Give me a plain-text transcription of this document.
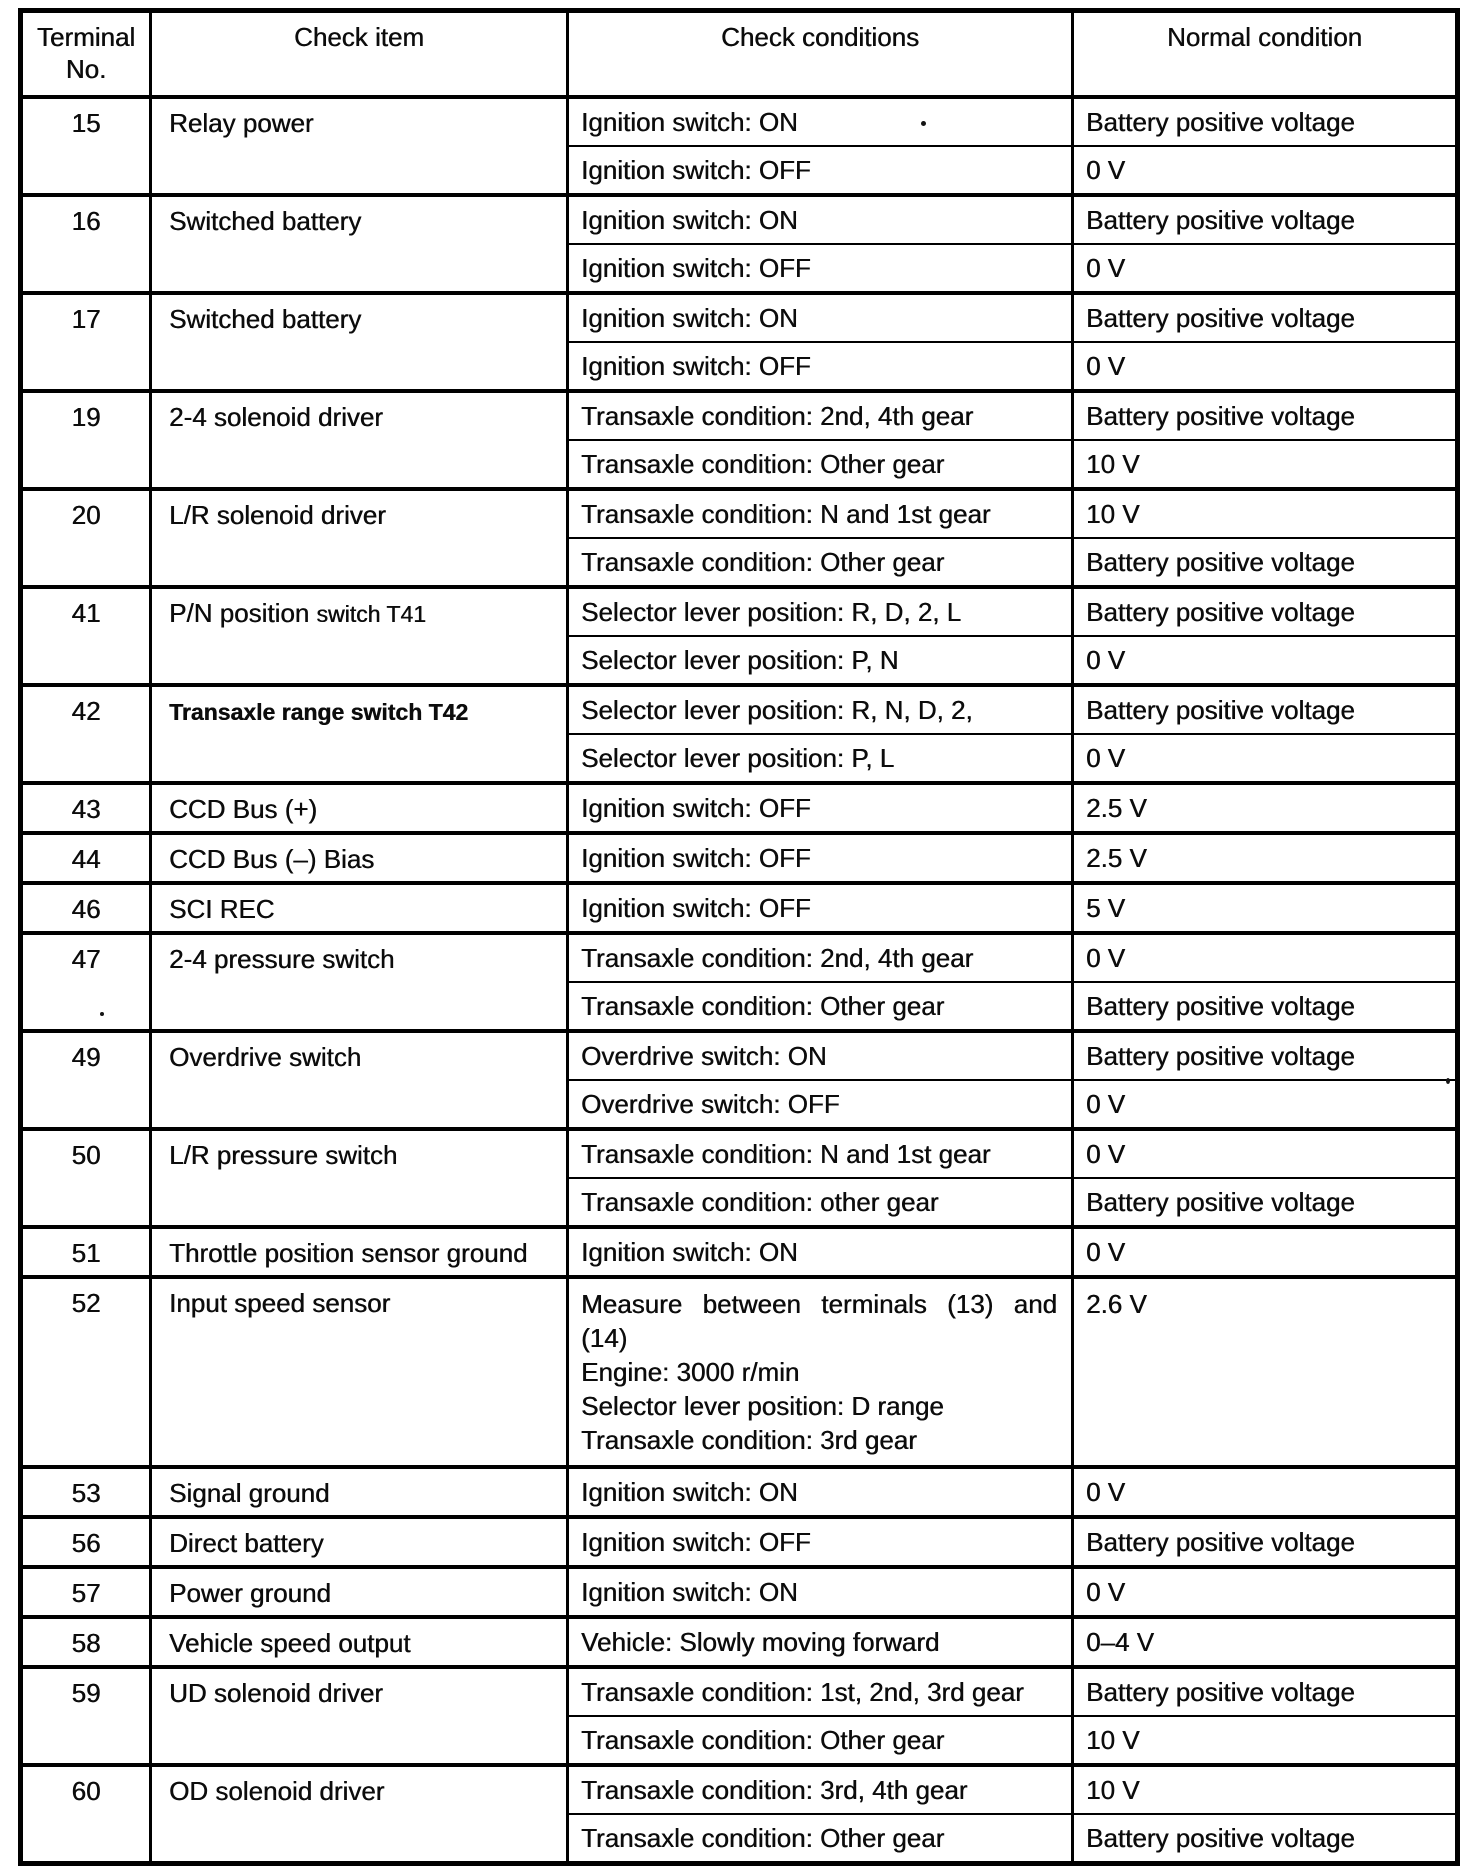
Terminal No.	Check item	Check conditions	Normal condition
15	Relay power	Ignition switch: ON	Battery positive voltage
		Ignition switch: OFF	0 V
16	Switched battery	Ignition switch: ON	Battery positive voltage
		Ignition switch: OFF	0 V
17	Switched battery	Ignition switch: ON	Battery positive voltage
		Ignition switch: OFF	0 V
19	2-4 solenoid driver	Transaxle condition: 2nd, 4th gear	Battery positive voltage
		Transaxle condition: Other gear	10 V
20	L/R solenoid driver	Transaxle condition: N and 1st gear	10 V
		Transaxle condition: Other gear	Battery positive voltage
41	P/N position switch T41	Selector lever position: R, D, 2, L	Battery positive voltage
		Selector lever position: P, N	0 V
42	Transaxle range switch T42	Selector lever position: R, N, D, 2,	Battery positive voltage
		Selector lever position: P, L	0 V
43	CCD Bus (+)	Ignition switch: OFF	2.5 V
44	CCD Bus (–) Bias	Ignition switch: OFF	2.5 V
46	SCI REC	Ignition switch: OFF	5 V
47	2-4 pressure switch	Transaxle condition: 2nd, 4th gear	0 V
		Transaxle condition: Other gear	Battery positive voltage
49	Overdrive switch	Overdrive switch: ON	Battery positive voltage
		Overdrive switch: OFF	0 V
50	L/R pressure switch	Transaxle condition: N and 1st gear	0 V
		Transaxle condition: other gear	Battery positive voltage
51	Throttle position sensor ground	Ignition switch: ON	0 V
52	Input speed sensor	Measure between terminals (13) and (14)
Engine: 3000 r/min
Selector lever position: D range
Transaxle condition: 3rd gear	2.6 V
53	Signal ground	Ignition switch: ON	0 V
56	Direct battery	Ignition switch: OFF	Battery positive voltage
57	Power ground	Ignition switch: ON	0 V
58	Vehicle speed output	Vehicle: Slowly moving forward	0–4 V
59	UD solenoid driver	Transaxle condition: 1st, 2nd, 3rd gear	Battery positive voltage
		Transaxle condition: Other gear	10 V
60	OD solenoid driver	Transaxle condition: 3rd, 4th gear	10 V
		Transaxle condition: Other gear	Battery positive voltage
